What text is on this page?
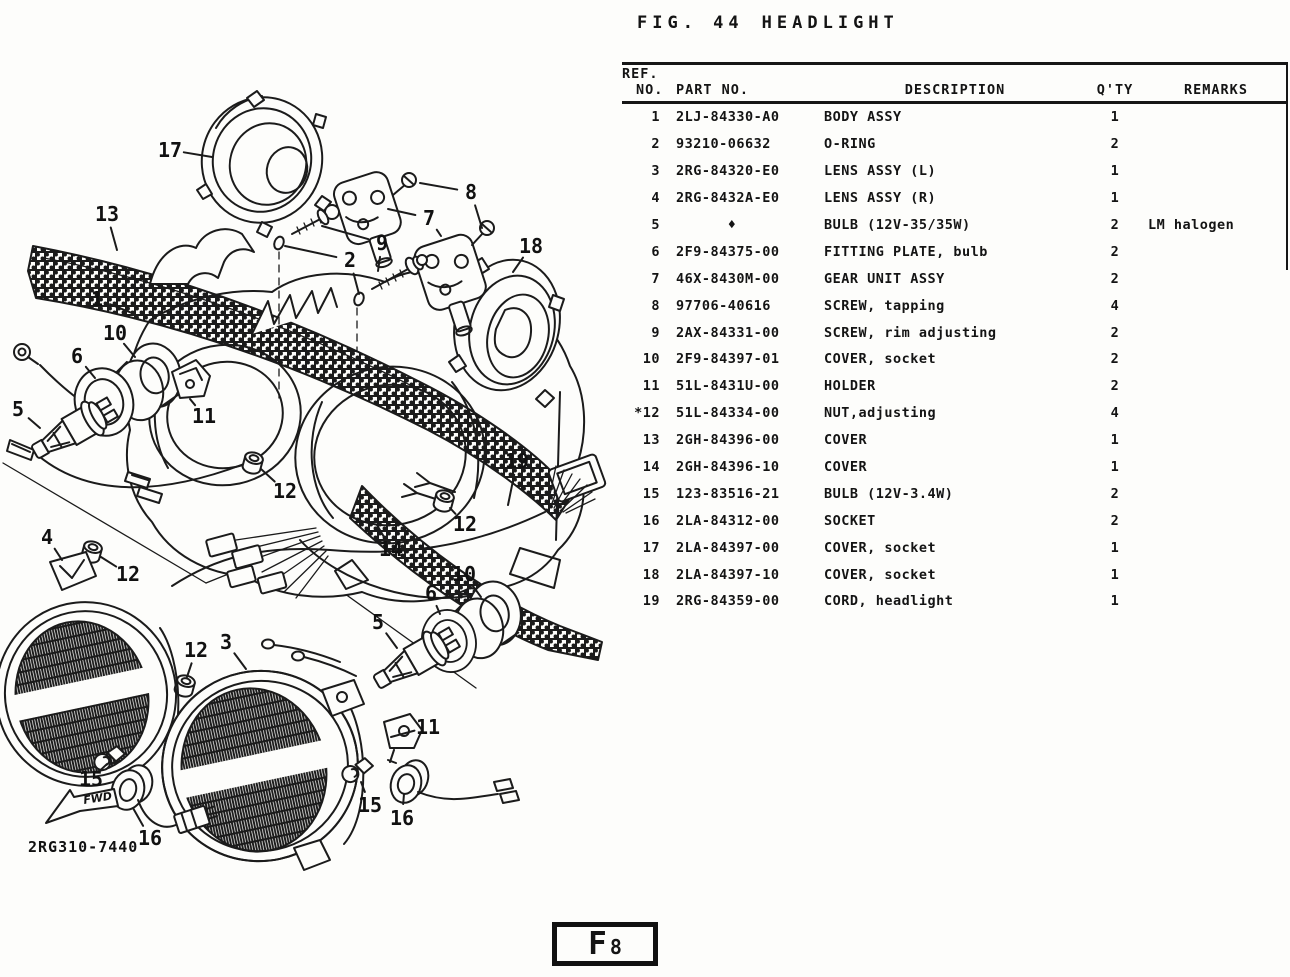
FIG. 44 HEADLIGHT
REF.
NO. PART NO.	DESCRIPTION	Q'TY	REMARKS
1	2LJ-84330-A0	BODY ASSY	1
2	93210-06632	O-RING	2
3	2RG-84320-E0	LENS ASSY (L)	1
4	2RG-8432A-E0	LENS ASSY (R)	1
5	♦	BULB (12V-35/35W)	2	LM halogen
6	2F9-84375-00	FITTING PLATE, bulb	2
7	46X-8430M-00	GEAR UNIT ASSY	2
8	97706-40616	SCREW, tapping	4
9	2AX-84331-00	SCREW, rim adjusting	2
10	2F9-84397-01	COVER, socket	2
11	51L-8431U-00	HOLDER	2
*12	51L-84334-00	NUT,adjusting	4
13	2GH-84396-00	COVER	1
14	2GH-84396-10	COVER	1
15	123-83516-21	BULB (12V-3.4W)	2
16	2LA-84312-00	SOCKET	2
17	2LA-84397-00	COVER, socket	1
18	2LA-84397-10	COVER, socket	1
19	2RG-84359-00	CORD, headlight	1
FWD
2RG310-7440
17
13
1
10
6
5	11
2
9
7
8
18
19
12
12
12
12
14
4
3
5
6
10
11
15
16
15
16
F 8
